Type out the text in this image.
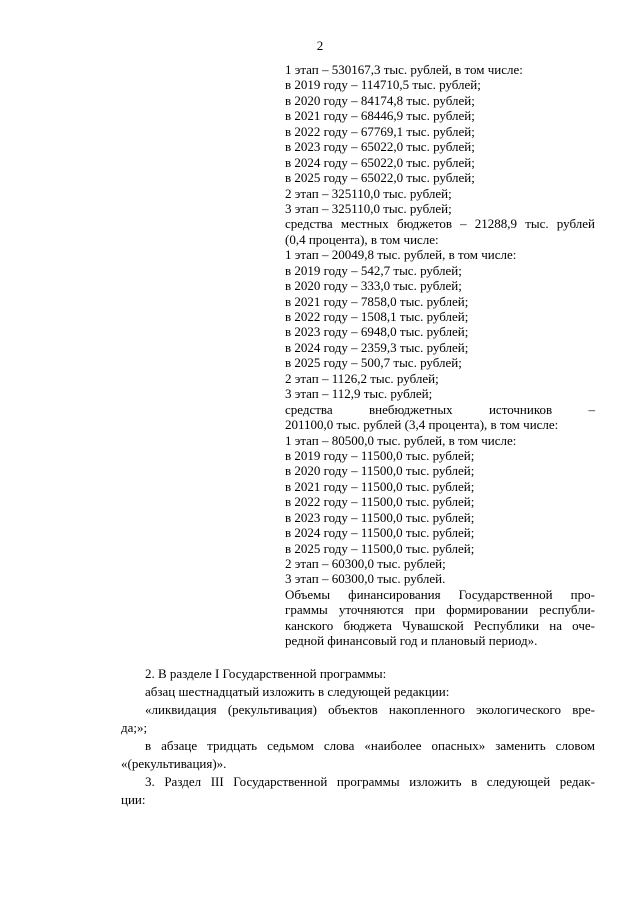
2
1 этап – 530167,3 тыс. рублей, в том числе:
в 2019 году – 114710,5 тыс. рублей;
в 2020 году – 84174,8 тыс. рублей;
в 2021 году – 68446,9 тыс. рублей;
в 2022 году – 67769,1 тыс. рублей;
в 2023 году – 65022,0 тыс. рублей;
в 2024 году – 65022,0 тыс. рублей;
в 2025 году – 65022,0 тыс. рублей;
2 этап – 325110,0 тыс. рублей;
3 этап – 325110,0 тыс. рублей;
средства местных бюджетов – 21288,9 тыс. рублей
(0,4 процента), в том числе:
1 этап – 20049,8 тыс. рублей, в том числе:
в 2019 году – 542,7 тыс. рублей;
в 2020 году – 333,0 тыс. рублей;
в 2021 году – 7858,0 тыс. рублей;
в 2022 году – 1508,1 тыс. рублей;
в 2023 году – 6948,0 тыс. рублей;
в 2024 году – 2359,3 тыс. рублей;
в 2025 году – 500,7 тыс. рублей;
2 этап – 1126,2 тыс. рублей;
3 этап – 112,9 тыс. рублей;
средства	внебюджетных	источников	–
201100,0 тыс. рублей (3,4 процента), в том числе:
1 этап – 80500,0 тыс. рублей, в том числе:
в 2019 году – 11500,0 тыс. рублей;
в 2020 году – 11500,0 тыс. рублей;
в 2021 году – 11500,0 тыс. рублей;
в 2022 году – 11500,0 тыс. рублей;
в 2023 году – 11500,0 тыс. рублей;
в 2024 году – 11500,0 тыс. рублей;
в 2025 году – 11500,0 тыс. рублей;
2 этап – 60300,0 тыс. рублей;
3 этап – 60300,0 тыс. рублей.
Объемы финансирования Государственной про-
граммы уточняются при формировании республи-
канского бюджета Чувашской Республики на оче-
редной финансовый год и плановый период».
2. В разделе I Государственной программы:
абзац шестнадцатый изложить в следующей редакции:
«ликвидация (рекультивация) объектов накопленного экологического вре-
да;»;
в абзаце тридцать седьмом слова «наиболее опасных» заменить словом
«(рекультивация)».
3. Раздел III Государственной программы изложить в следующей редак-
ции:
